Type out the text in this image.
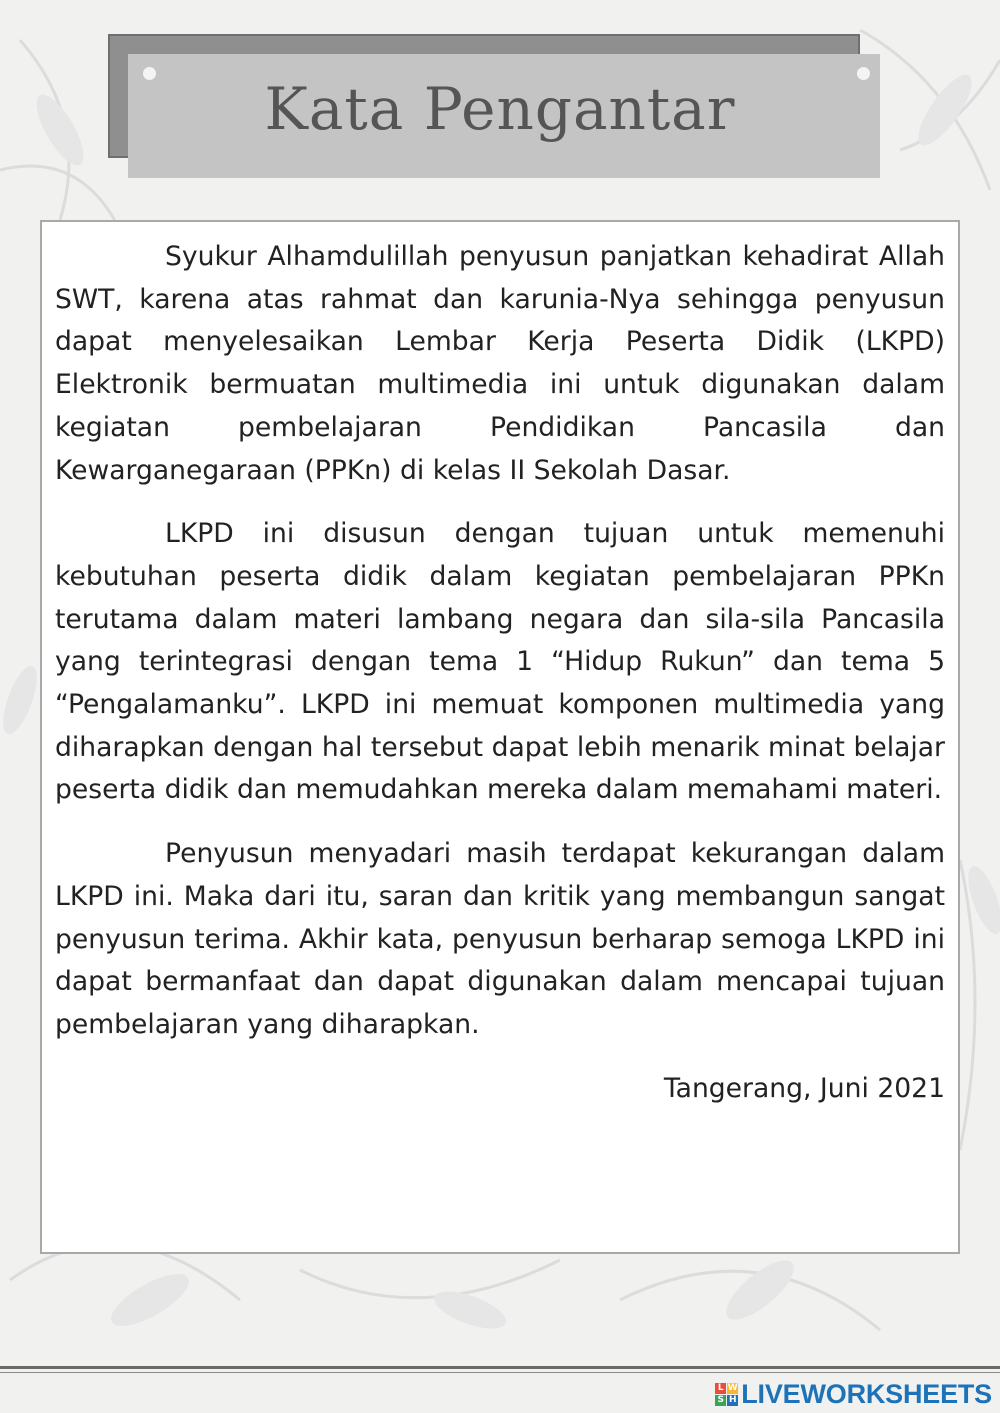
Kata Pengantar

Syukur Alhamdulillah penyusun panjatkan kehadirat Allah SWT, karena atas rahmat dan karunia-Nya sehingga penyusun dapat menyelesaikan Lembar Kerja Peserta Didik (LKPD) Elektronik bermuatan multimedia ini untuk digunakan dalam kegiatan pembelajaran Pendidikan Pancasila dan Kewarganegaraan (PPKn) di kelas II Sekolah Dasar.

LKPD ini disusun dengan tujuan untuk memenuhi kebutuhan peserta didik dalam kegiatan pembelajaran PPKn terutama dalam materi lambang negara dan sila-sila Pancasila yang terintegrasi dengan tema 1 “Hidup Rukun” dan tema 5 “Pengalamanku”. LKPD ini memuat komponen multimedia yang diharapkan dengan hal tersebut dapat lebih menarik minat belajar peserta didik dan memudahkan mereka dalam memahami materi.

Penyusun menyadari masih terdapat kekurangan dalam LKPD ini. Maka dari itu, saran dan kritik yang membangun sangat penyusun terima. Akhir kata, penyusun berharap semoga LKPD ini dapat bermanfaat dan dapat digunakan dalam mencapai tujuan pembelajaran yang diharapkan.

Tangerang, Juni 2021
L W
S H LIVEWORKSHEETS
